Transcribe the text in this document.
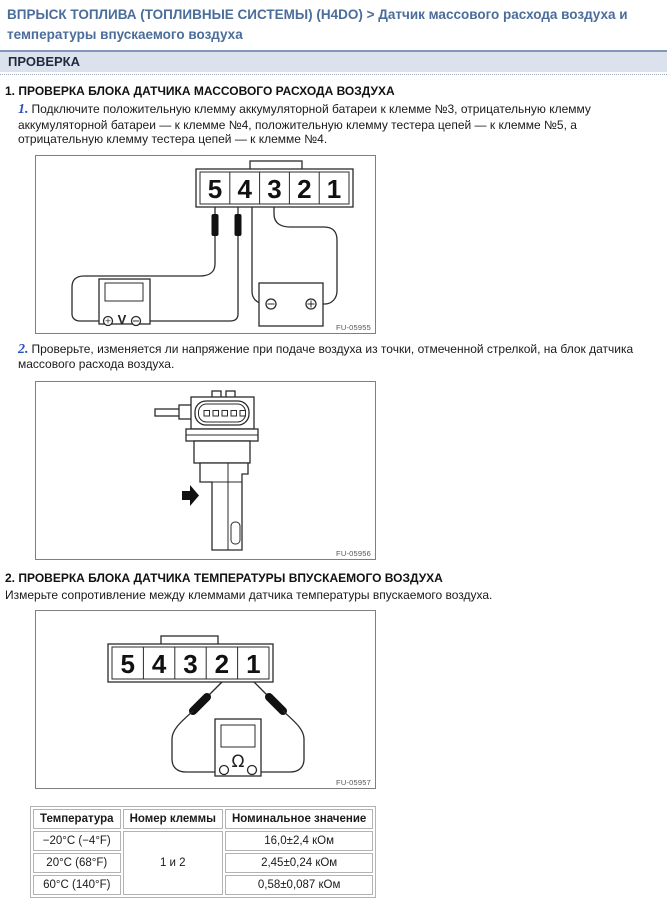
ВПРЫСК ТОПЛИВА (ТОПЛИВНЫЕ СИСТЕМЫ) (H4DO) > Датчик массового расхода воздуха и
температуры впускаемого воздуха
ПРОВЕРКА
1. ПРОВЕРКА БЛОКА ДАТЧИКА МАССОВОГО РАСХОДА ВОЗДУХА

1. Подключите положительную клемму аккумуляторной батареи к клемме №3, отрицательную клемму аккумуляторной батареи — к клемме №4, положительную клемму тестера цепей — к клемме №5, а отрицательную клемму тестера цепей — к клемме №4.

5 4 3 2 1
+ V
FU-05955

2. Проверьте, изменяется ли напряжение при подаче воздуха из точки, отмеченной стрелкой, на блок датчика массового расхода воздуха.

FU-05956
2. ПРОВЕРКА БЛОКА ДАТЧИКА ТЕМПЕРАТУРЫ ВПУСКАЕМОГО ВОЗДУХА

Измерьте сопротивление между клеммами датчика температуры впускаемого воздуха.

5 4 3 2 1
Ω
FU-05957
Температура	Номер клеммы	Номинальное значение
−20°C (−4°F)	1 и 2	16,0±2,4 кОм
20°C (68°F)		2,45±0,24 кОм
60°C (140°F)		0,58±0,087 кОм
